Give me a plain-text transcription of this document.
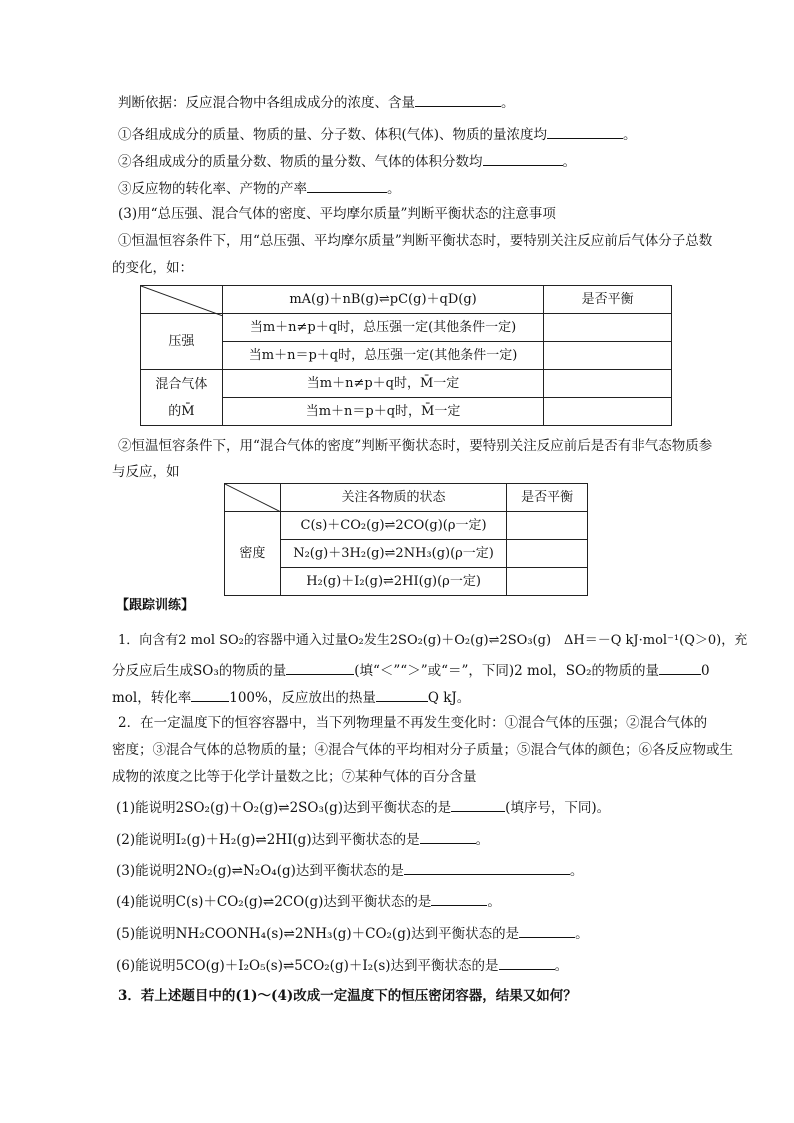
判断依据：反应混合物中各组成成分的浓度、含量	。
①各组成成分的质量、物质的量、分子数、体积(气体)、物质的量浓度均	。
②各组成成分的质量分数、物质的量分数、气体的体积分数均	。
③反应物的转化率、产物的产率	。
(3)用“总压强、混合气体的密度、平均摩尔质量”判断平衡状态的注意事项
①恒温恒容条件下，用“总压强、平均摩尔质量”判断平衡状态时，要特别关注反应前后气体分子总数
的变化，如：
	mA(g)＋nB(g)⇌pC(g)＋qD(g)	是否平衡
压强	当m＋n≠p＋q时，总压强一定(其他条件一定)	
	当m＋n＝p＋q时，总压强一定(其他条件一定)	

混合气体
的M̄	当m＋n≠p＋q时，M̄一定	
	当m＋n＝p＋q时，M̄一定	
②恒温恒容条件下，用“混合气体的密度”判断平衡状态时，要特别关注反应前后是否有非气态物质参
与反应，如
	关注各物质的状态	是否平衡
密度	C(s)＋CO₂(g)⇌2CO(g)(ρ一定)	
	N₂(g)＋3H₂(g)⇌2NH₃(g)(ρ一定)	
	H₂(g)＋I₂(g)⇌2HI(g)(ρ一定)	
【跟踪训练】
1．向含有2 mol SO₂的容器中通入过量O₂发生2SO₂(g)＋O₂(g)⇌2SO₃(g)　ΔH＝－Q kJ·mol⁻¹(Q＞0)，充
分反应后生成SO₃的物质的量	(填“＜”“＞”或“＝”，下同)2 mol，SO₂的物质的量	0
mol，转化率	100%，反应放出的热量	Q kJ。
2．在一定温度下的恒容容器中，当下列物理量不再发生变化时：①混合气体的压强；②混合气体的
密度；③混合气体的总物质的量；④混合气体的平均相对分子质量；⑤混合气体的颜色；⑥各反应物或生
成物的浓度之比等于化学计量数之比；⑦某种气体的百分含量
(1)能说明2SO₂(g)＋O₂(g)⇌2SO₃(g)达到平衡状态的是	(填序号，下同)。
(2)能说明I₂(g)＋H₂(g)⇌2HI(g)达到平衡状态的是	。
(3)能说明2NO₂(g)⇌N₂O₄(g)达到平衡状态的是	。
(4)能说明C(s)＋CO₂(g)⇌2CO(g)达到平衡状态的是	。
(5)能说明NH₂COONH₄(s)⇌2NH₃(g)＋CO₂(g)达到平衡状态的是	。
(6)能说明5CO(g)＋I₂O₅(s)⇌5CO₂(g)＋I₂(s)达到平衡状态的是	。
3．若上述题目中的(1)～(4)改成一定温度下的恒压密闭容器，结果又如何？
